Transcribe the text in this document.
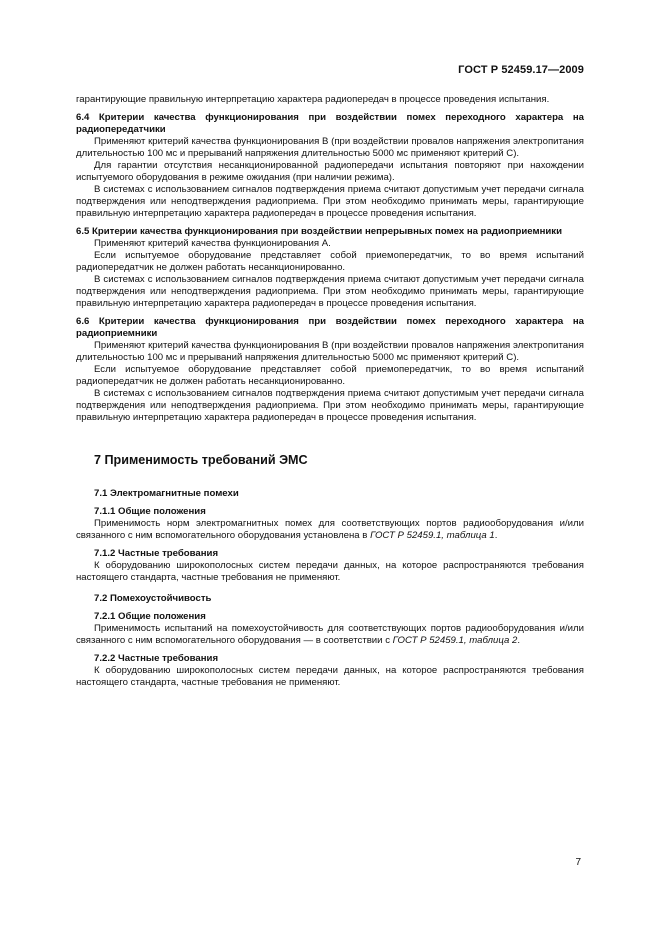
ГОСТ Р 52459.17—2009

гарантирующие правильную интерпретацию характера радиопередач в процессе проведения испытания.

6.4 Критерии качества функционирования при воздействии помех переходного характера на радиопередатчики

Применяют критерий качества функционирования B (при воздействии провалов напряжения электропитания длительностью 100 мс и прерываний напряжения длительностью 5000 мс применяют критерий C).

Для гарантии отсутствия несанкционированной радиопередачи испытания повторяют при нахождении испытуемого оборудования в режиме ожидания (при наличии режима).

В системах с использованием сигналов подтверждения приема считают допустимым учет передачи сигнала подтверждения или неподтверждения радиоприема. При этом необходимо принимать меры, гарантирующие правильную интерпретацию характера радиопередач в процессе проведения испытания.

6.5 Критерии качества функционирования при воздействии непрерывных помех на радиоприемники

Применяют критерий качества функционирования A.

Если испытуемое оборудование представляет собой приемопередатчик, то во время испытаний радиопередатчик не должен работать несанкционированно.

В системах с использованием сигналов подтверждения приема считают допустимым учет передачи сигнала подтверждения или неподтверждения радиоприема. При этом необходимо принимать меры, гарантирующие правильную интерпретацию характера радиопередач в процессе проведения испытания.

6.6 Критерии качества функционирования при воздействии помех переходного характера на радиоприемники

Применяют критерий качества функционирования B (при воздействии провалов напряжения электропитания длительностью 100 мс и прерываний напряжения длительностью 5000 мс применяют критерий C).

Если испытуемое оборудование представляет собой приемопередатчик, то во время испытаний радиопередатчик не должен работать несанкционированно.

В системах с использованием сигналов подтверждения приема считают допустимым учет передачи сигнала подтверждения или неподтверждения радиоприема. При этом необходимо принимать меры, гарантирующие правильную интерпретацию характера радиопередач в процессе проведения испытания.

7 Применимость требований ЭМС

7.1 Электромагнитные помехи

7.1.1 Общие положения

Применимость норм электромагнитных помех для соответствующих портов радиооборудования и/или связанного с ним вспомогательного оборудования установлена в ГОСТ Р 52459.1, таблица 1.

7.1.2 Частные требования

К оборудованию широкополосных систем передачи данных, на которое распространяются требования настоящего стандарта, частные требования не применяют.

7.2 Помехоустойчивость

7.2.1 Общие положения

Применимость испытаний на помехоустойчивость для соответствующих портов радиооборудования и/или связанного с ним вспомогательного оборудования — в соответствии с ГОСТ Р 52459.1, таблица 2.

7.2.2 Частные требования

К оборудованию широкополосных систем передачи данных, на которое распространяются требования настоящего стандарта, частные требования не применяют.

7
